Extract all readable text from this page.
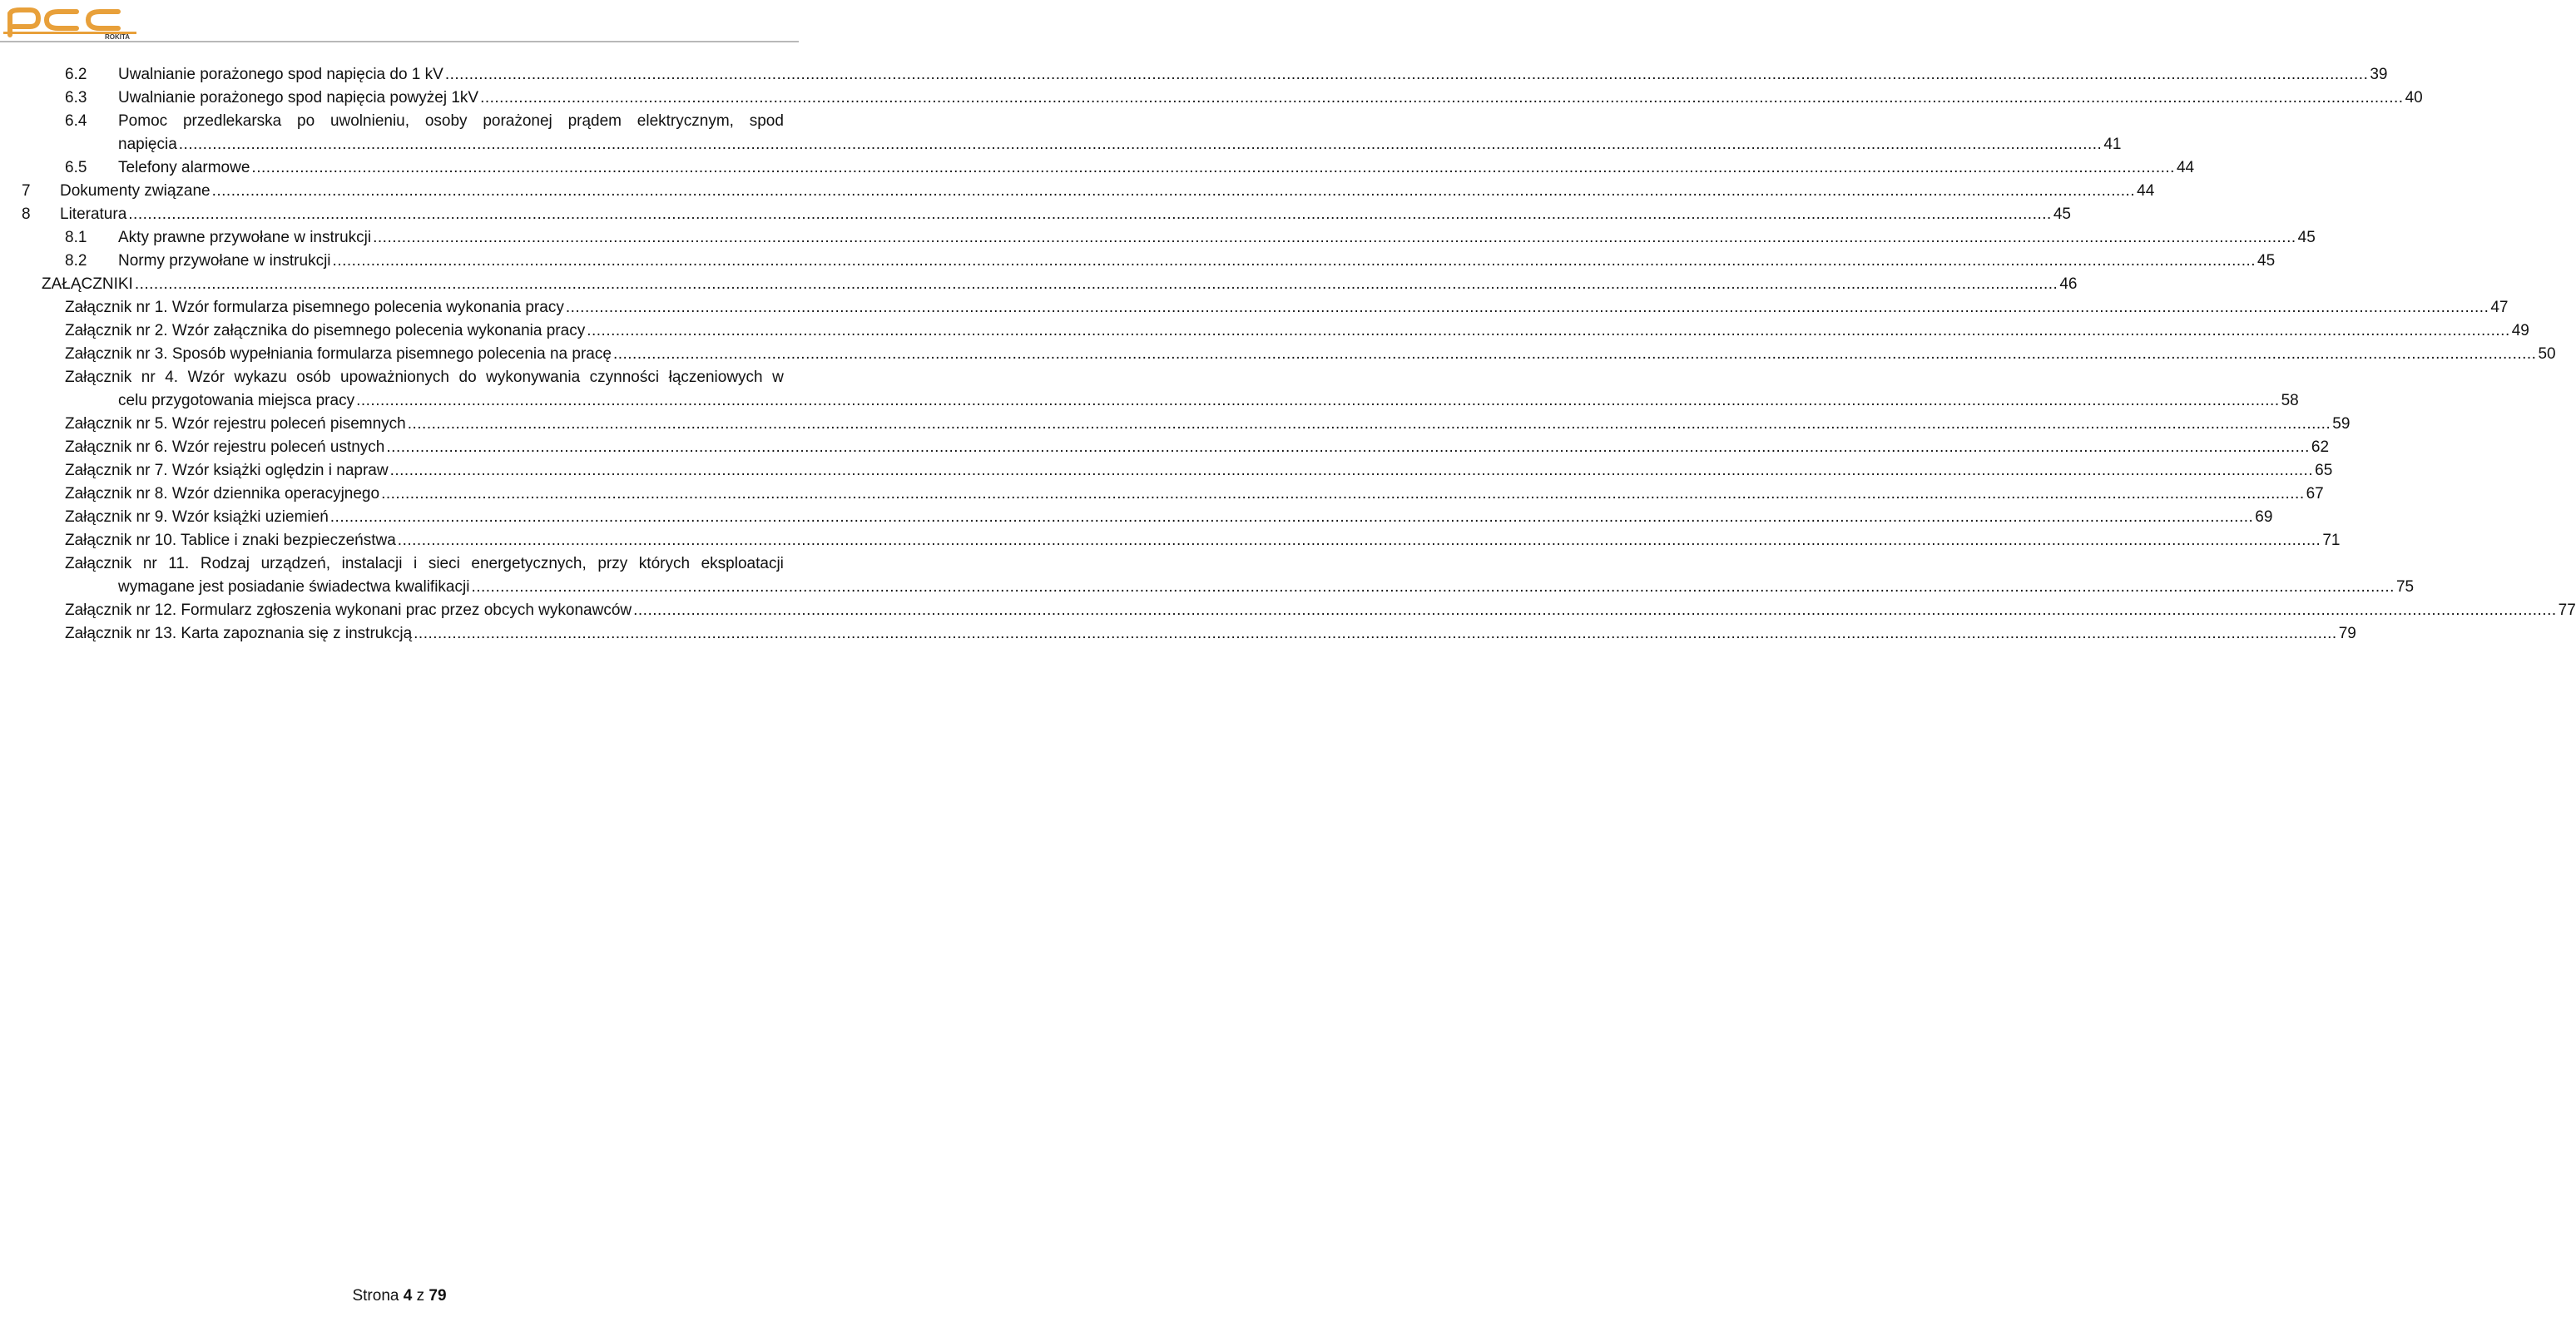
ROKITA
6.2 Uwalnianie porażonego spod napięcia do 1 kV ................................................................................................................................................................................................................................................................................................................................................................................................................ 39
6.3 Uwalnianie porażonego spod napięcia powyżej 1kV ................................................................................................................................................................................................................................................................................................................................................................................................................ 40
6.4 Pomoc przedlekarska po uwolnieniu, osoby porażonej prądem elektrycznym, spod
napięcia ................................................................................................................................................................................................................................................................................................................................................................................................................ 41
6.5 Telefony alarmowe ................................................................................................................................................................................................................................................................................................................................................................................................................ 44
7 Dokumenty związane ................................................................................................................................................................................................................................................................................................................................................................................................................ 44
8 Literatura ................................................................................................................................................................................................................................................................................................................................................................................................................ 45
8.1 Akty prawne przywołane w instrukcji ................................................................................................................................................................................................................................................................................................................................................................................................................ 45
8.2 Normy przywołane w instrukcji ................................................................................................................................................................................................................................................................................................................................................................................................................ 45
ZAŁĄCZNIKI ................................................................................................................................................................................................................................................................................................................................................................................................................ 46
Załącznik nr 1. Wzór formularza pisemnego polecenia wykonania pracy ................................................................................................................................................................................................................................................................................................................................................................................................................ 47
Załącznik nr 2. Wzór załącznika do pisemnego polecenia wykonania pracy ................................................................................................................................................................................................................................................................................................................................................................................................................ 49
Załącznik nr 3. Sposób wypełniania formularza pisemnego polecenia na pracę ................................................................................................................................................................................................................................................................................................................................................................................................................ 50
Załącznik nr 4. Wzór wykazu osób upoważnionych do wykonywania czynności łączeniowych w
celu przygotowania miejsca pracy ................................................................................................................................................................................................................................................................................................................................................................................................................ 58
Załącznik nr 5. Wzór rejestru poleceń pisemnych ................................................................................................................................................................................................................................................................................................................................................................................................................ 59
Załącznik nr 6. Wzór rejestru poleceń ustnych ................................................................................................................................................................................................................................................................................................................................................................................................................ 62
Załącznik nr 7. Wzór książki oględzin i napraw ................................................................................................................................................................................................................................................................................................................................................................................................................ 65
Załącznik nr 8. Wzór dziennika operacyjnego ................................................................................................................................................................................................................................................................................................................................................................................................................ 67
Załącznik nr 9. Wzór książki uziemień ................................................................................................................................................................................................................................................................................................................................................................................................................ 69
Załącznik nr 10. Tablice i znaki bezpieczeństwa ................................................................................................................................................................................................................................................................................................................................................................................................................ 71
Załącznik nr 11. Rodzaj urządzeń, instalacji i sieci energetycznych, przy których eksploatacji
wymagane jest posiadanie świadectwa kwalifikacji ................................................................................................................................................................................................................................................................................................................................................................................................................ 75
Załącznik nr 12. Formularz zgłoszenia wykonani prac przez obcych wykonawców ................................................................................................................................................................................................................................................................................................................................................................................................................ 77
Załącznik nr 13. Karta zapoznania się z instrukcją ................................................................................................................................................................................................................................................................................................................................................................................................................ 79
Strona 4 z 79
